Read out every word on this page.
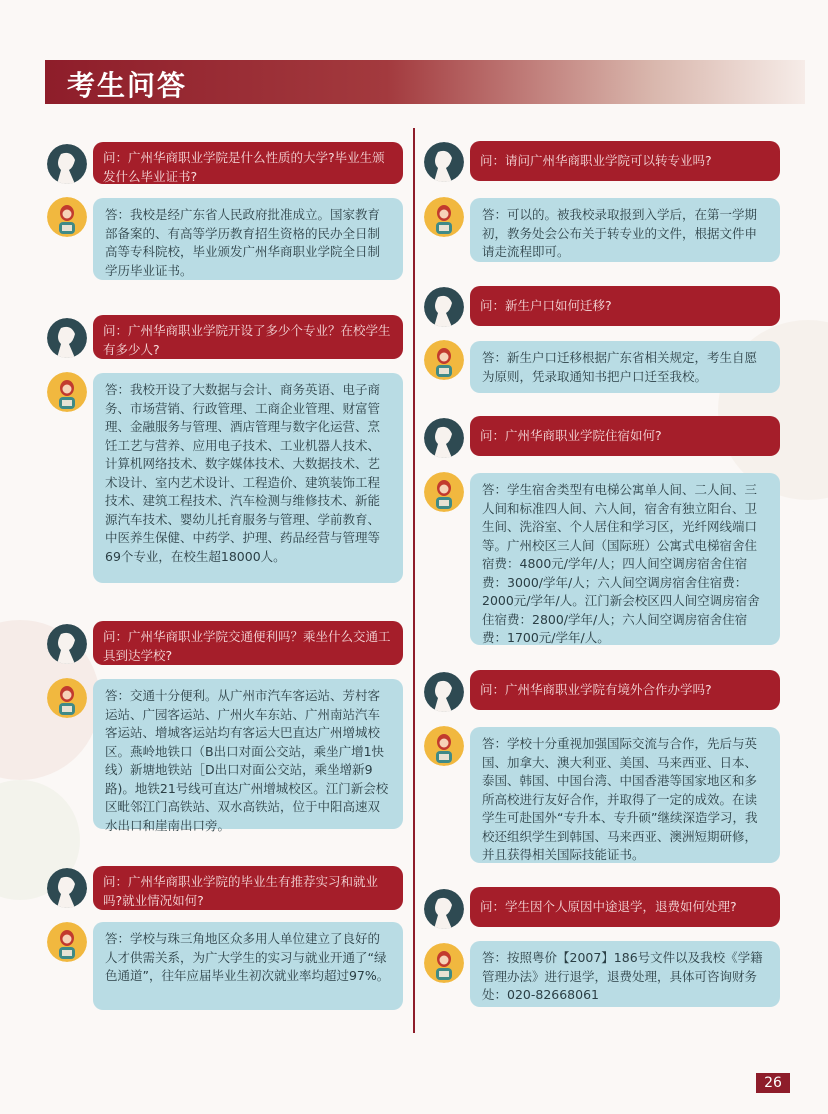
考生问答
问：广州华商职业学院是什么性质的大学?毕业生颁发什么毕业证书?
答：我校是经广东省人民政府批准成立。国家教育部备案的、有高等学历教育招生资格的民办全日制高等专科院校，毕业颁发广州华商职业学院全日制学历毕业证书。
问：广州华商职业学院开设了多少个专业？在校学生有多少人?
答：我校开设了大数据与会计、商务英语、电子商务、市场营销、行政管理、工商企业管理、财富管理、金融服务与管理、酒店管理与数字化运营、烹饪工艺与营养、应用电子技术、工业机器人技术、计算机网络技术、数字媒体技术、大数据技术、艺术设计、室内艺术设计、工程造价、建筑装饰工程技术、建筑工程技术、汽车检测与维修技术、新能源汽车技术、婴幼儿托育服务与管理、学前教育、中医养生保健、中药学、护理、药品经营与管理等69个专业，在校生超18000人。
问：广州华商职业学院交通便利吗？乘坐什么交通工具到达学校?
答：交通十分便利。从广州市汽车客运站、芳村客运站、广园客运站、广州火车东站、广州南站汽车客运站、增城客运站均有客运大巴直达广州增城校区。燕岭地铁口（B出口对面公交站，乘坐广增1快线）新塘地铁站［D出口对面公交站，乘坐增新9路)。地铁21号线可直达广州增城校区。江门新会校区毗邻江门高铁站、双水高铁站，位于中阳高速双水出口和崖南出口旁。
问：广州华商职业学院的毕业生有推荐实习和就业吗?就业情况如何?
答：学校与珠三角地区众多用人单位建立了良好的人才供需关系，为广大学生的实习与就业开通了“绿色通道”，往年应届毕业生初次就业率均超过97%。
问：请问广州华商职业学院可以转专业吗?
答：可以的。被我校录取报到入学后，在第一学期初，教务处会公布关于转专业的文件，根据文件申请走流程即可。
问：新生户口如何迁移?
答：新生户口迁移根据广东省相关规定，考生自愿为原则，凭录取通知书把户口迁至我校。
问：广州华商职业学院住宿如何?
答：学生宿舍类型有电梯公寓单人间、二人间、三人间和标准四人间、六人间，宿舍有独立阳台、卫生间、洗浴室、个人居住和学习区，光纤网线端口等。广州校区三人间（国际班）公寓式电梯宿舍住宿费：4800元/学年/人；四人间空调房宿舍住宿费：3000/学年/人；六人间空调房宿舍住宿费：2000元/学年/人。江门新会校区四人间空调房宿舍住宿费：2800/学年/人；六人间空调房宿舍住宿费：1700元/学年/人。
问：广州华商职业学院有境外合作办学吗?
答：学校十分重视加强国际交流与合作，先后与英国、加拿大、澳大利亚、美国、马来西亚、日本、泰国、韩国、中国台湾、中国香港等国家地区和多所高校进行友好合作，并取得了一定的成效。在读学生可赴国外“专升本、专升硕”继续深造学习，我校还组织学生到韩国、马来西亚、澳洲短期研修，并且获得相关国际技能证书。
问：学生因个人原因中途退学，退费如何处理?
答：按照粤价【2007】186号文件以及我校《学籍管理办法》进行退学，退费处理，具体可咨询财务处：020-82668061
26
